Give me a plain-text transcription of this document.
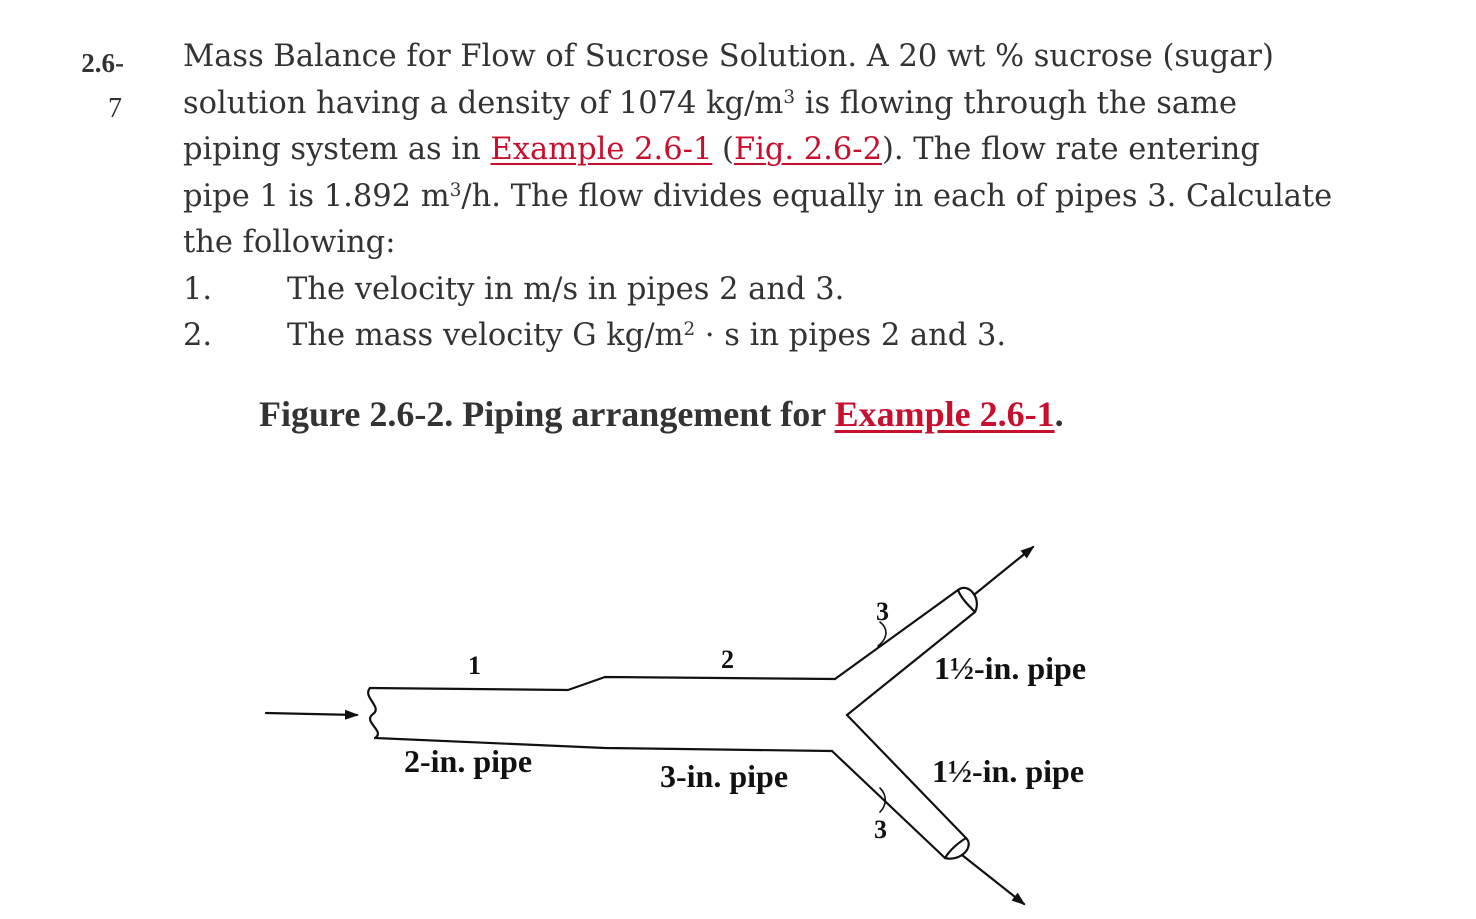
2.6-
7

Mass Balance for Flow of Sucrose Solution. A 20 wt % sucrose (sugar) solution having a density of 1074 $kg/m^3$ is flowing through the same piping system as in Example 2.6-1 (Fig. 2.6-2). The flow rate entering pipe 1 is 1.892 $m^3/h$. The flow divides equally in each of pipes 3. Calculate the following:

1.	The velocity in m/s in pipes 2 and 3.
2.	The mass velocity G $kg/m^2 \cdot s$ in pipes 2 and 3.
Figure 2.6-2. Piping arrangement for Example 2.6-1.
1	2
3
3
2-in. pipe	3-in. pipe
1½-in. pipe
1½-in. pipe
